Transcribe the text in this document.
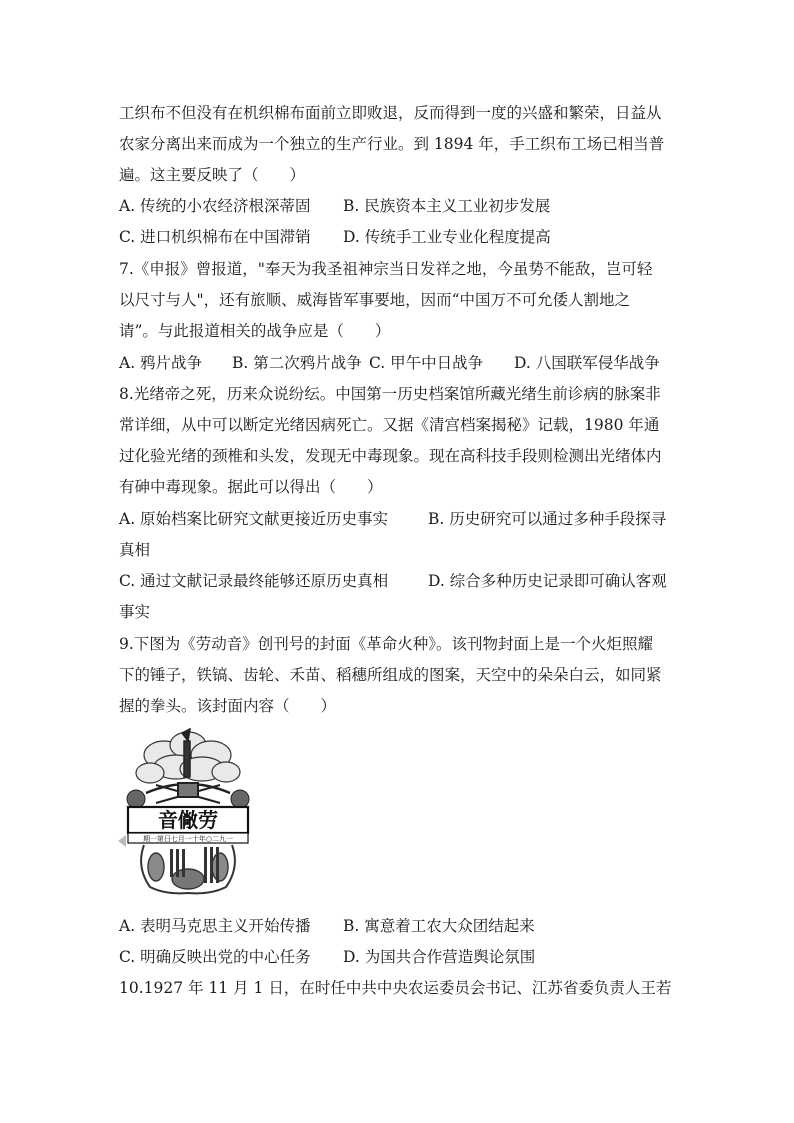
工织布不但没有在机织棉布面前立即败退，反而得到一度的兴盛和繁荣，日益从
农家分离出来而成为一个独立的生产行业。到 1894 年，手工织布工场已相当普
遍。这主要反映了（　　）
A. 传统的小农经济根深蒂固 B. 民族资本主义工业初步发展
C. 进口机织棉布在中国滞销 D. 传统手工业专业化程度提高
7.《申报》曾报道，"奉天为我圣祖神宗当日发祥之地，今虽势不能敌，岂可轻
以尺寸与人"，还有旅顺、威海皆军事要地，因而“中国万不可允倭人割地之
请”。与此报道相关的战争应是（　　）
A. 鸦片战争 B. 第二次鸦片战争 C. 甲午中日战争 D. 八国联军侵华战争
8.光绪帝之死，历来众说纷纭。中国第一历史档案馆所藏光绪生前诊病的脉案非
常详细，从中可以断定光绪因病死亡。又据《清宫档案揭秘》记载，1980 年通
过化验光绪的颈椎和头发，发现无中毒现象。现在高科技手段则检测出光绪体内
有砷中毒现象。据此可以得出（　　）
A. 原始档案比研究文献更接近历史事实	B. 历史研究可以通过多种手段探寻
真相
C. 通过文献记录最终能够还原历史真相	D. 综合多种历史记录即可确认客观
事实
9.下图为《劳动音》创刊号的封面《革命火种》。该刊物封面上是一个火炬照耀
下的锤子，铁镐、齿轮、禾苗、稻穗所组成的图案，天空中的朵朵白云，如同紧
握的拳头。该封面内容（　　）
音僘劳
期一第日七月一十年○二九一
A. 表明马克思主义开始传播 B. 寓意着工农大众团结起来
C. 明确反映出党的中心任务 D. 为国共合作营造舆论氛围
10.1927 年 11 月 1 日，在时任中共中央农运委员会书记、江苏省委负责人王若
